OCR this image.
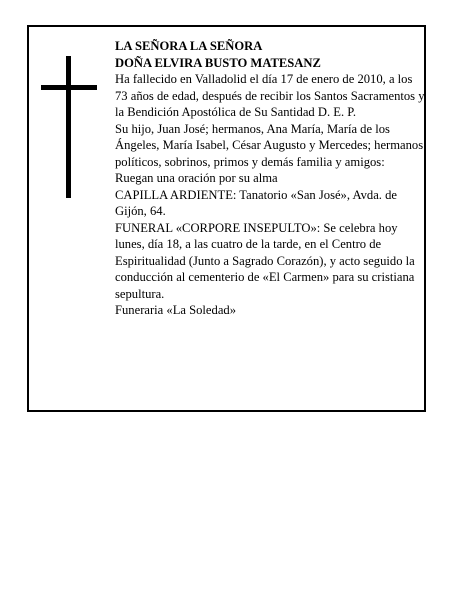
LA SEÑORA LA SEÑORA

DOÑA ELVIRA BUSTO MATESANZ

Ha fallecido en Valladolid el día 17 de enero de 2010, a los 73 años de edad, después de recibir los Santos Sacramentos y la Bendición Apostólica de Su Santidad D. E. P.

Su hijo, Juan José; hermanos, Ana María, María de los Ángeles, María Isabel, César Augusto y Mercedes; hermanos políticos, sobrinos, primos y demás familia y amigos:

Ruegan una oración por su alma

CAPILLA ARDIENTE: Tanatorio «San José», Avda. de Gijón, 64.

FUNERAL «CORPORE INSEPULTO»: Se celebra hoy lunes, día 18, a las cuatro de la tarde, en el Centro de Espiritualidad (Junto a Sagrado Corazón), y acto seguido la conducción al cementerio de «El Carmen» para su cristiana sepultura.

Funeraria «La Soledad»
